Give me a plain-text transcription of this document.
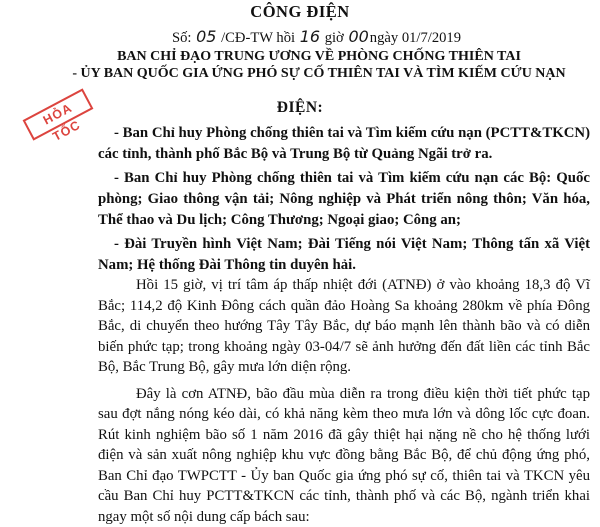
CÔNG ĐIỆN
Số: 05 /CĐ-TW hồi 16 giờ 00ngày 01/7/2019
BAN CHỈ ĐẠO TRUNG ƯƠNG VỀ PHÒNG CHỐNG THIÊN TAI
- ỦY BAN QUỐC GIA ỨNG PHÓ SỰ CỐ THIÊN TAI VÀ TÌM KIẾM CỨU NẠN
HỎA TỐC
ĐIỆN:

- Ban Chỉ huy Phòng chống thiên tai và Tìm kiếm cứu nạn (PCTT&TKCN) các tỉnh, thành phố Bắc Bộ và Trung Bộ từ Quảng Ngãi trở ra.

- Ban Chỉ huy Phòng chống thiên tai và Tìm kiếm cứu nạn các Bộ: Quốc phòng; Giao thông vận tải; Nông nghiệp và Phát triển nông thôn; Văn hóa, Thể thao và Du lịch; Công Thương; Ngoại giao; Công an;

- Đài Truyền hình Việt Nam; Đài Tiếng nói Việt Nam; Thông tấn xã Việt Nam; Hệ thống Đài Thông tin duyên hải.

Hồi 15 giờ, vị trí tâm áp thấp nhiệt đới (ATNĐ) ở vào khoảng 18,3 độ Vĩ Bắc; 114,2 độ Kinh Đông cách quần đảo Hoàng Sa khoảng 280km về phía Đông Bắc, di chuyển theo hướng Tây Tây Bắc, dự báo mạnh lên thành bão và có diễn biến phức tạp; trong khoảng ngày 03-04/7 sẽ ảnh hưởng đến đất liền các tỉnh Bắc Bộ, Bắc Trung Bộ, gây mưa lớn diện rộng.

Đây là cơn ATNĐ, bão đầu mùa diễn ra trong điều kiện thời tiết phức tạp sau đợt nắng nóng kéo dài, có khả năng kèm theo mưa lớn và dông lốc cực đoan. Rút kinh nghiệm bão số 1 năm 2016 đã gây thiệt hại nặng nề cho hệ thống lưới điện và sản xuất nông nghiệp khu vực đồng bằng Bắc Bộ, để chủ động ứng phó, Ban Chỉ đạo TWPCTT - Ủy ban Quốc gia ứng phó sự cố, thiên tai và TKCN yêu cầu Ban Chỉ huy PCTT&TKCN các tỉnh, thành phố và các Bộ, ngành triển khai ngay một số nội dung cấp bách sau:
